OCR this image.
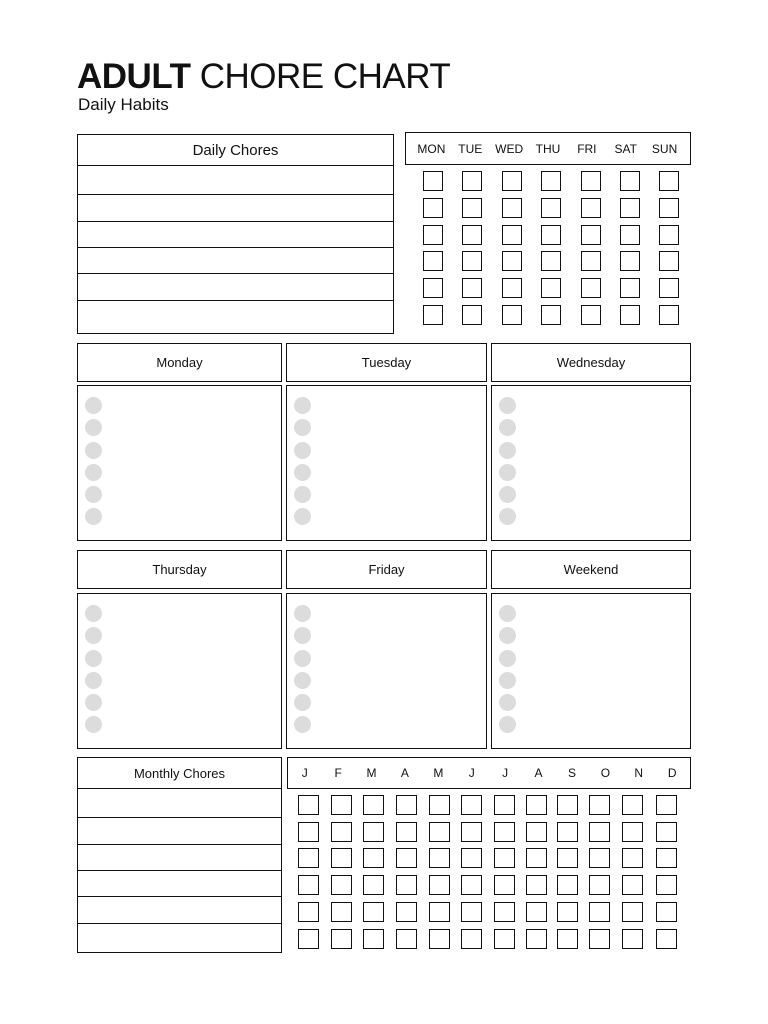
ADULT CHORE CHART
Daily Habits
Daily Chores	MON	TUE	WED	THU	FRI	SAT	SUN
Monday	Tuesday	Wednesday
Thursday	Friday	Weekend
Monthly Chores	J	F	M	A	M	J	J	A	S	O	N	D
